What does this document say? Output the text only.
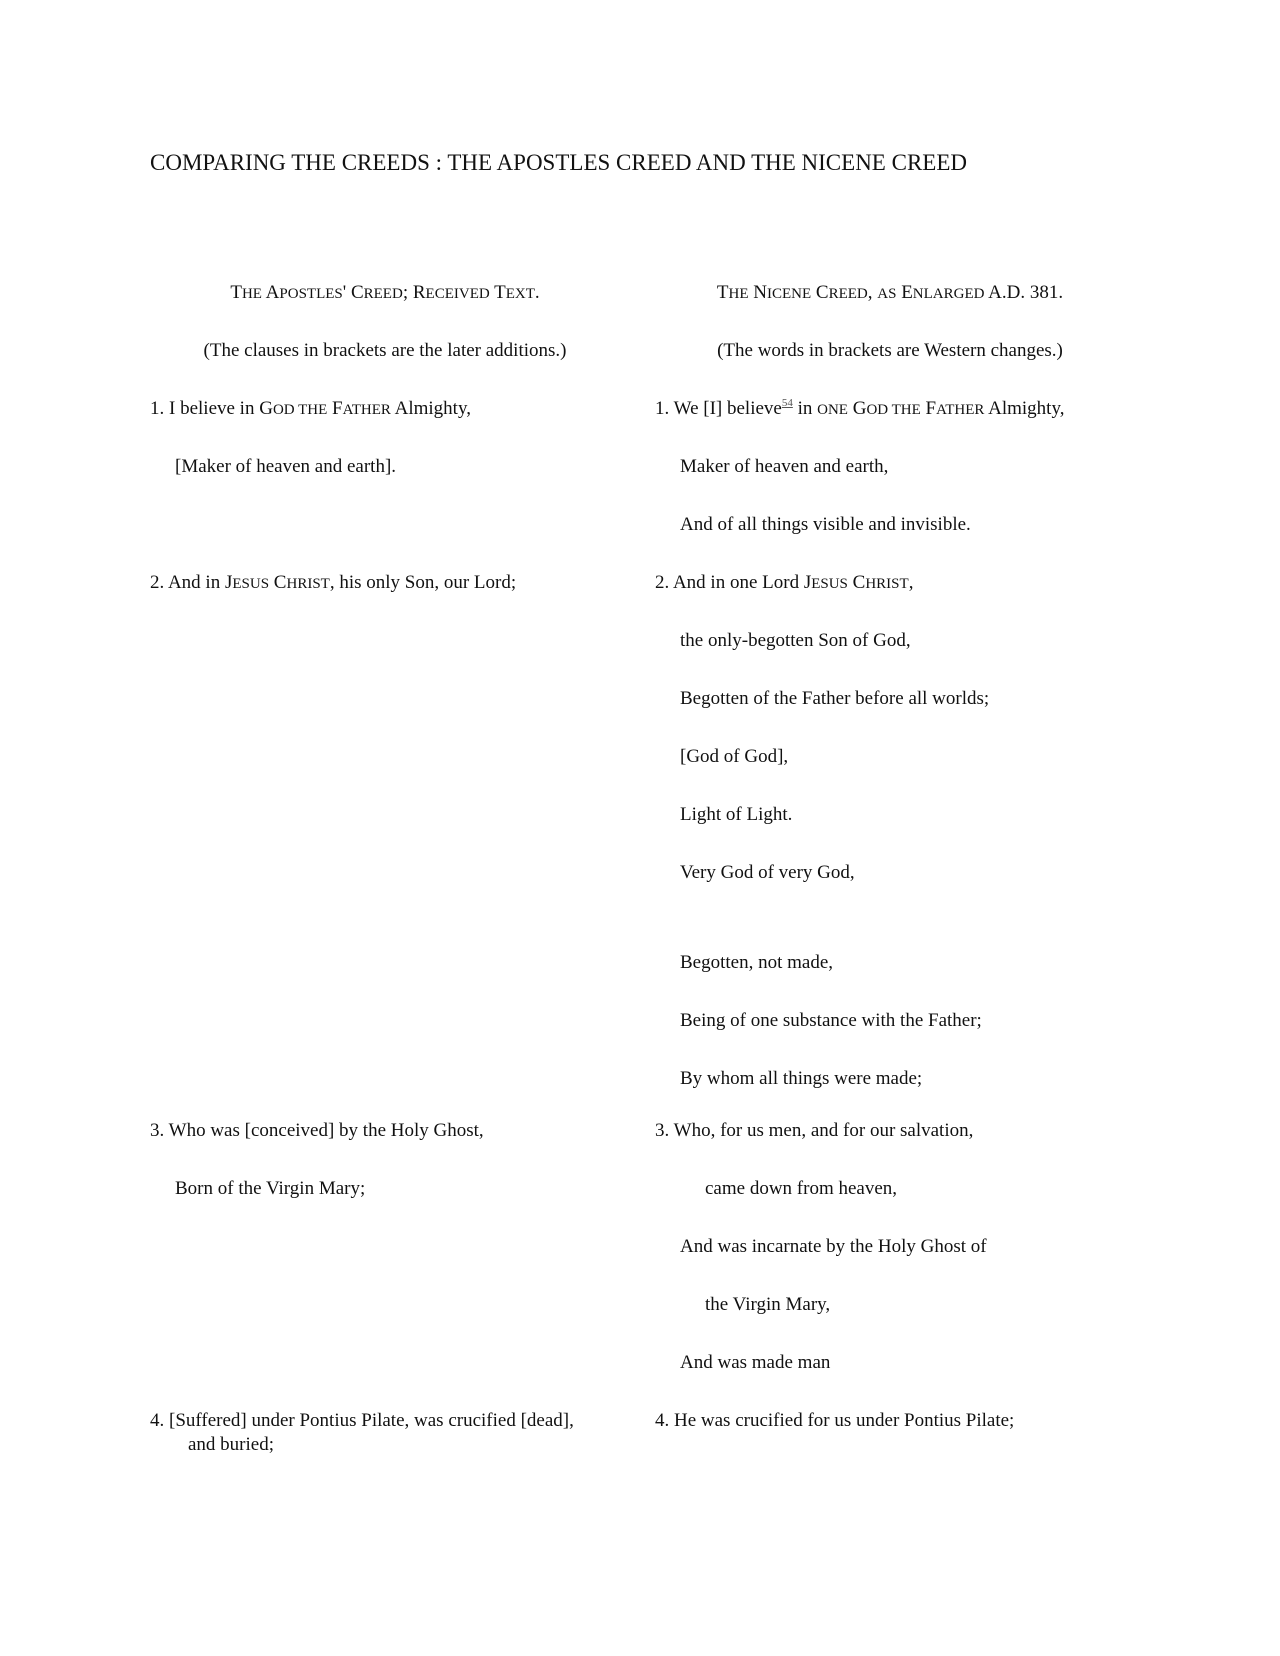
COMPARING THE CREEDS : THE APOSTLES CREED AND THE NICENE CREED
THE APOSTLES' CREED; RECEIVED TEXT.
(The clauses in brackets are the later additions.)
1. I believe in GOD THE FATHER Almighty,
[Maker of heaven and earth].
2. And in JESUS CHRIST, his only Son, our Lord;
3. Who was [conceived] by the Holy Ghost,
Born of the Virgin Mary;
4. [Suffered] under Pontius Pilate, was crucified [dead],
and buried;
THE NICENE CREED, AS ENLARGED A.D. 381.
(The words in brackets are Western changes.)
1. We [I] believe$^{54}$ in ONE GOD THE FATHER Almighty,
Maker of heaven and earth,
And of all things visible and invisible.
2. And in one Lord JESUS CHRIST,
the only-begotten Son of God,
Begotten of the Father before all worlds;
[God of God],
Light of Light.
Very God of very God,
Begotten, not made,
Being of one substance with the Father;
By whom all things were made;
3. Who, for us men, and for our salvation,
came down from heaven,
And was incarnate by the Holy Ghost of
the Virgin Mary,
And was made man
4. He was crucified for us under Pontius Pilate;
